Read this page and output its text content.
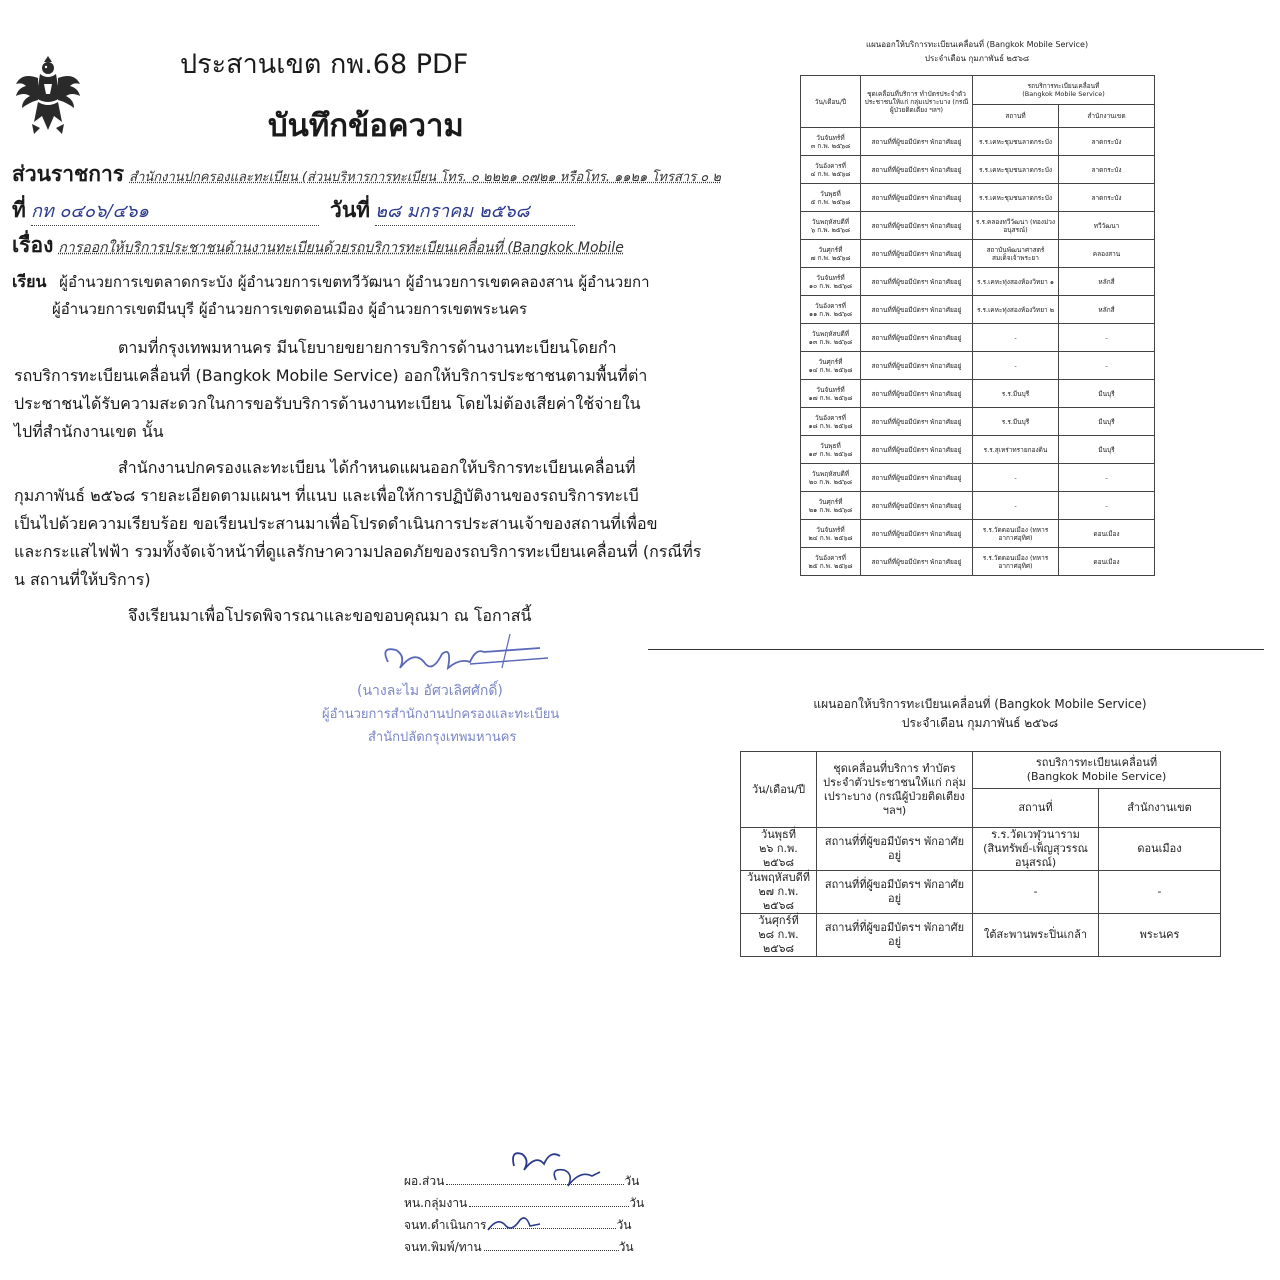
ประสานเขต กพ.68 PDF
บันทึกข้อความ
ส่วนราชการ สำนักงานปกครองและทะเบียน (ส่วนบริหารการทะเบียน โทร. ๐ ๒๒๒๑ ๐๗๒๑ หรือโทร. ๑๑๒๑ โทรสาร ๐ ๒
ที่ กท ๐๔๐๖/๔๖๑	วันที่ ๒๘ มกราคม ๒๕๖๘
เรื่อง การออกให้บริการประชาชนด้านงานทะเบียนด้วยรถบริการทะเบียนเคลื่อนที่ (Bangkok Mobile
เรียน ผู้อำนวยการเขตลาดกระบัง ผู้อำนวยการเขตทวีวัฒนา ผู้อำนวยการเขตคลองสาน ผู้อำนวยกา
ผู้อำนวยการเขตมีนบุรี ผู้อำนวยการเขตดอนเมือง ผู้อำนวยการเขตพระนคร
ตามที่กรุงเทพมหานคร มีนโยบายขยายการบริการด้านงานทะเบียนโดยกำ
รถบริการทะเบียนเคลื่อนที่ (Bangkok Mobile Service) ออกให้บริการประชาชนตามพื้นที่ต่า
ประชาชนได้รับความสะดวกในการขอรับบริการด้านงานทะเบียน โดยไม่ต้องเสียค่าใช้จ่ายใน
ไปที่สำนักงานเขต นั้น
สำนักงานปกครองและทะเบียน ได้กำหนดแผนออกให้บริการทะเบียนเคลื่อนที่
กุมภาพันธ์ ๒๕๖๘ รายละเอียดตามแผนฯ ที่แนบ และเพื่อให้การปฏิบัติงานของรถบริการทะเบี
เป็นไปด้วยความเรียบร้อย ขอเรียนประสานมาเพื่อโปรดดำเนินการประสานเจ้าของสถานที่เพื่อข
และกระแสไฟฟ้า รวมทั้งจัดเจ้าหน้าที่ดูแลรักษาความปลอดภัยของรถบริการทะเบียนเคลื่อนที่ (กรณีที่ร
น สถานที่ให้บริการ)
จึงเรียนมาเพื่อโปรดพิจารณาและขอขอบคุณมา ณ โอกาสนี้
(นางละไม อัศวเลิศศักดิ์)
ผู้อำนวยการสำนักงานปกครองและทะเบียน
สำนักปลัดกรุงเทพมหานคร
ผอ.ส่วน	วัน
หน.กลุ่มงาน	วัน
จนท.ดำเนินการ	วัน
จนท.พิมพ์/ทาน	วัน
แผนออกให้บริการทะเบียนเคลื่อนที่ (Bangkok Mobile Service)
ประจำเดือน กุมภาพันธ์ ๒๕๖๘
วัน/เดือน/ปี	ชุดเคลื่อนที่บริการ ทำบัตรประจำตัวประชาชนให้แก่ กลุ่มเปราะบาง (กรณีผู้ป่วยติดเตียง ฯลฯ)	รถบริการทะเบียนเคลื่อนที่
(Bangkok Mobile Service)	

		สถานที่	สำนักงานเขต

วันจันทร์ที่
๓ ก.พ. ๒๕๖๘	สถานที่ที่ผู้ขอมีบัตรฯ พักอาศัยอยู่	ร.ร.เคหะชุมชนลาดกระบัง	ลาดกระบัง

วันอังคารที่
๔ ก.พ. ๒๕๖๘	สถานที่ที่ผู้ขอมีบัตรฯ พักอาศัยอยู่	ร.ร.เคหะชุมชนลาดกระบัง	ลาดกระบัง

วันพุธที่
๕ ก.พ. ๒๕๖๘	สถานที่ที่ผู้ขอมีบัตรฯ พักอาศัยอยู่	ร.ร.เคหะชุมชนลาดกระบัง	ลาดกระบัง

วันพฤหัสบดีที่
๖ ก.พ. ๒๕๖๘	สถานที่ที่ผู้ขอมีบัตรฯ พักอาศัยอยู่	ร.ร.คลองทวีวัฒนา (ทองม่วงอนุสรณ์)	ทวีวัฒนา

วันศุกร์ที่
๗ ก.พ. ๒๕๖๘	สถานที่ที่ผู้ขอมีบัตรฯ พักอาศัยอยู่	สถาบันพัฒนาศาสตร์ สมเด็จเจ้าพระยา	คลองสาน

วันจันทร์ที่
๑๐ ก.พ. ๒๕๖๘	สถานที่ที่ผู้ขอมีบัตรฯ พักอาศัยอยู่	ร.ร.เคหะทุ่งสองห้องวิทยา ๑	หลักสี่

วันอังคารที่
๑๑ ก.พ. ๒๕๖๘	สถานที่ที่ผู้ขอมีบัตรฯ พักอาศัยอยู่	ร.ร.เคหะทุ่งสองห้องวิทยา ๒	หลักสี่

วันพฤหัสบดีที่
๑๓ ก.พ. ๒๕๖๘	สถานที่ที่ผู้ขอมีบัตรฯ พักอาศัยอยู่	-	-

วันศุกร์ที่
๑๔ ก.พ. ๒๕๖๘	สถานที่ที่ผู้ขอมีบัตรฯ พักอาศัยอยู่	-	-

วันจันทร์ที่
๑๗ ก.พ. ๒๕๖๘	สถานที่ที่ผู้ขอมีบัตรฯ พักอาศัยอยู่	ร.ร.มีนบุรี	มีนบุรี

วันอังคารที่
๑๘ ก.พ. ๒๕๖๘	สถานที่ที่ผู้ขอมีบัตรฯ พักอาศัยอยู่	ร.ร.มีนบุรี	มีนบุรี

วันพุธที่
๑๙ ก.พ. ๒๕๖๘	สถานที่ที่ผู้ขอมีบัตรฯ พักอาศัยอยู่	ร.ร.สุเหร่าทรายกองดิน	มีนบุรี

วันพฤหัสบดีที่
๒๐ ก.พ. ๒๕๖๘	สถานที่ที่ผู้ขอมีบัตรฯ พักอาศัยอยู่	-	-

วันศุกร์ที่
๒๑ ก.พ. ๒๕๖๘	สถานที่ที่ผู้ขอมีบัตรฯ พักอาศัยอยู่	-	-

วันจันทร์ที่
๒๔ ก.พ. ๒๕๖๘	สถานที่ที่ผู้ขอมีบัตรฯ พักอาศัยอยู่	ร.ร.วัดดอนเมือง (ทหารอากาศอุทิศ)	ดอนเมือง

วันอังคารที่
๒๕ ก.พ. ๒๕๖๘	สถานที่ที่ผู้ขอมีบัตรฯ พักอาศัยอยู่	ร.ร.วัดดอนเมือง (ทหารอากาศอุทิศ)	ดอนเมือง
แผนออกให้บริการทะเบียนเคลื่อนที่ (Bangkok Mobile Service)
ประจำเดือน กุมภาพันธ์ ๒๕๖๘
วัน/เดือน/ปี	ชุดเคลื่อนที่บริการ ทำบัตรประจำตัวประชาชนให้แก่ กลุ่มเปราะบาง (กรณีผู้ป่วยติดเตียง ฯลฯ)	รถบริการทะเบียนเคลื่อนที่
(Bangkok Mobile Service)	

		สถานที่	สำนักงานเขต

วันพุธที่
๒๖ ก.พ. ๒๕๖๘	สถานที่ที่ผู้ขอมีบัตรฯ พักอาศัยอยู่	ร.ร.วัดเวฬุวนาราม (สินทรัพย์-เพ็ญสุวรรณอนุสรณ์)	ดอนเมือง

วันพฤหัสบดีที่
๒๗ ก.พ. ๒๕๖๘	สถานที่ที่ผู้ขอมีบัตรฯ พักอาศัยอยู่	-	-

วันศุกร์ที่
๒๘ ก.พ. ๒๕๖๘	สถานที่ที่ผู้ขอมีบัตรฯ พักอาศัยอยู่	ใต้สะพานพระปิ่นเกล้า	พระนคร
